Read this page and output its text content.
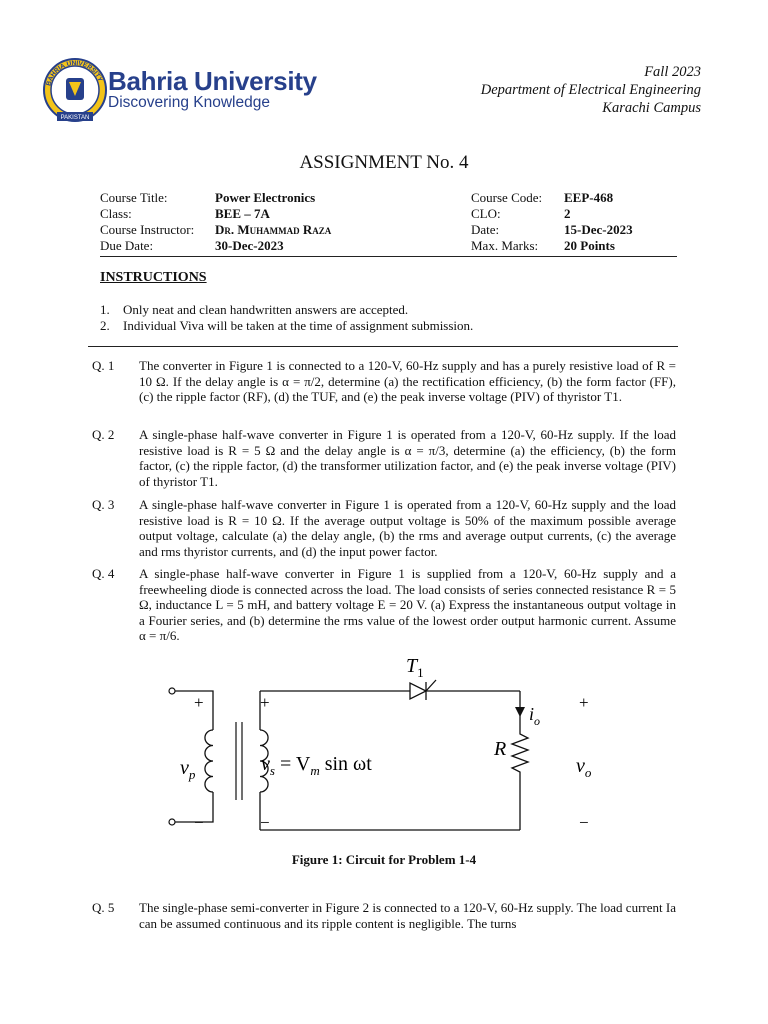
BAHRIA UNIVERSITY
PAKISTAN
Bahria University
Discovering Knowledge
Fall 2023
Department of Electrical Engineering
Karachi Campus
ASSIGNMENT No. 4
Course Title:	Power Electronics	Course Code: EEP-468
Class:	BEE – 7A	CLO:	2
Course Instructor: Dr. Muhammad Raza	Date:	15-Dec-2023
Due Date:	30-Dec-2023	Max. Marks: 20 Points
INSTRUCTIONS
1. Only neat and clean handwritten answers are accepted.
2. Individual Viva will be taken at the time of assignment submission.
Q. 1 The converter in Figure 1 is connected to a 120-V, 60-Hz supply and has a purely resistive load of R = 10 Ω. If the delay angle is α = π/2, determine (a) the rectification efficiency, (b) the form factor (FF), (c) the ripple factor (RF), (d) the TUF, and (e) the peak inverse voltage (PIV) of thyristor T1.
Q. 2 A single-phase half-wave converter in Figure 1 is operated from a 120-V, 60-Hz supply. If the load resistive load is R = 5 Ω and the delay angle is α = π/3, determine (a) the efficiency, (b) the form factor, (c) the ripple factor, (d) the transformer utilization factor, and (e) the peak inverse voltage (PIV) of thyristor T1.
Q. 3 A single-phase half-wave converter in Figure 1 is operated from a 120-V, 60-Hz supply and the load resistive load is R = 10 Ω. If the average output voltage is 50% of the maximum possible average output voltage, calculate (a) the delay angle, (b) the rms and average output currents, (c) the average and rms thyristor currents, and (d) the input power factor.
Q. 4 A single-phase half-wave converter in Figure 1 is supplied from a 120-V, 60-Hz supply and a freewheeling diode is connected across the load. The load consists of series connected resistance R = 5 Ω, inductance L = 5 mH, and battery voltage E = 20 V. (a) Express the instantaneous output voltage in a Fourier series, and (b) determine the rms value of the lowest order output harmonic current. Assume α = π/6.
+
−
$v_p$
+
−
$v_s = V_m$ sin ωt
$T_1$
$i_o$
R
+
$v_o$
−
Figure 1: Circuit for Problem 1-4
Q. 5 The single-phase semi-converter in Figure 2 is connected to a 120-V, 60-Hz supply. The load current Ia can be assumed continuous and its ripple content is negligible. The turns
